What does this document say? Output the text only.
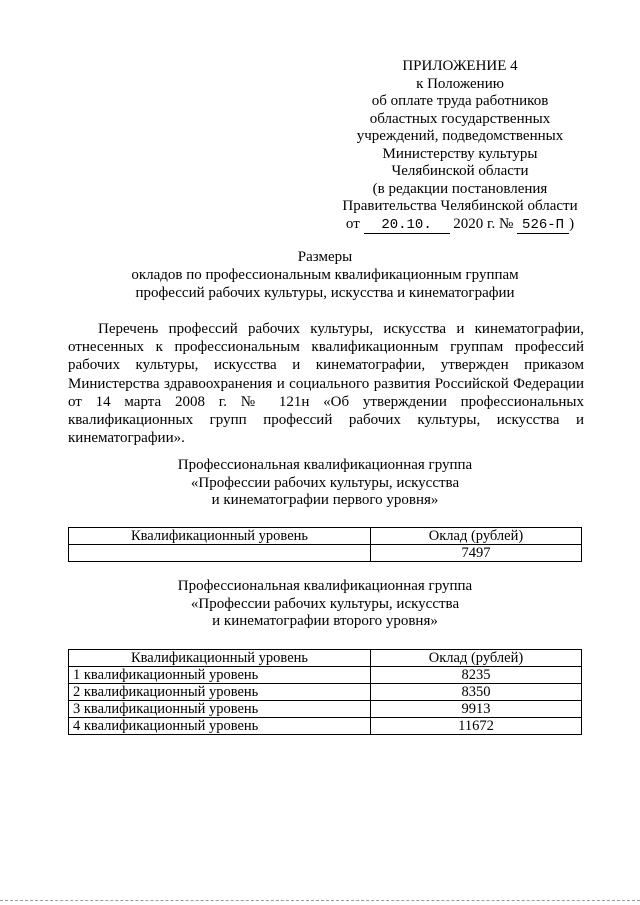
ПРИЛОЖЕНИЕ 4
к Положению
об оплате труда работников
областных государственных
учреждений, подведомственных
Министерству культуры
Челябинской области
(в редакции постановления
Правительства Челябинской области
от 20.10. 2020 г. № 526-П )
Размеры
окладов по профессиональным квалификационным группам
профессий рабочих культуры, искусства и кинематографии
Перечень профессий рабочих культуры, искусства и кинематографии, отнесенных к профессиональным квалификационным группам профессий рабочих культуры, искусства и кинематографии, утвержден приказом Министерства здравоохранения и социального развития Российской Федерации от 14 марта 2008 г. № 121н «Об утверждении профессиональных квалификационных групп профессий рабочих культуры, искусства и кинематографии».
Профессиональная квалификационная группа
«Профессии рабочих культуры, искусства
и кинематографии первого уровня»
Квалификационный уровень	Оклад (рублей)
	7497
Профессиональная квалификационная группа
«Профессии рабочих культуры, искусства
и кинематографии второго уровня»
Квалификационный уровень	Оклад (рублей)
1 квалификационный уровень	8235
2 квалификационный уровень	8350
3 квалификационный уровень	9913
4 квалификационный уровень	11672
